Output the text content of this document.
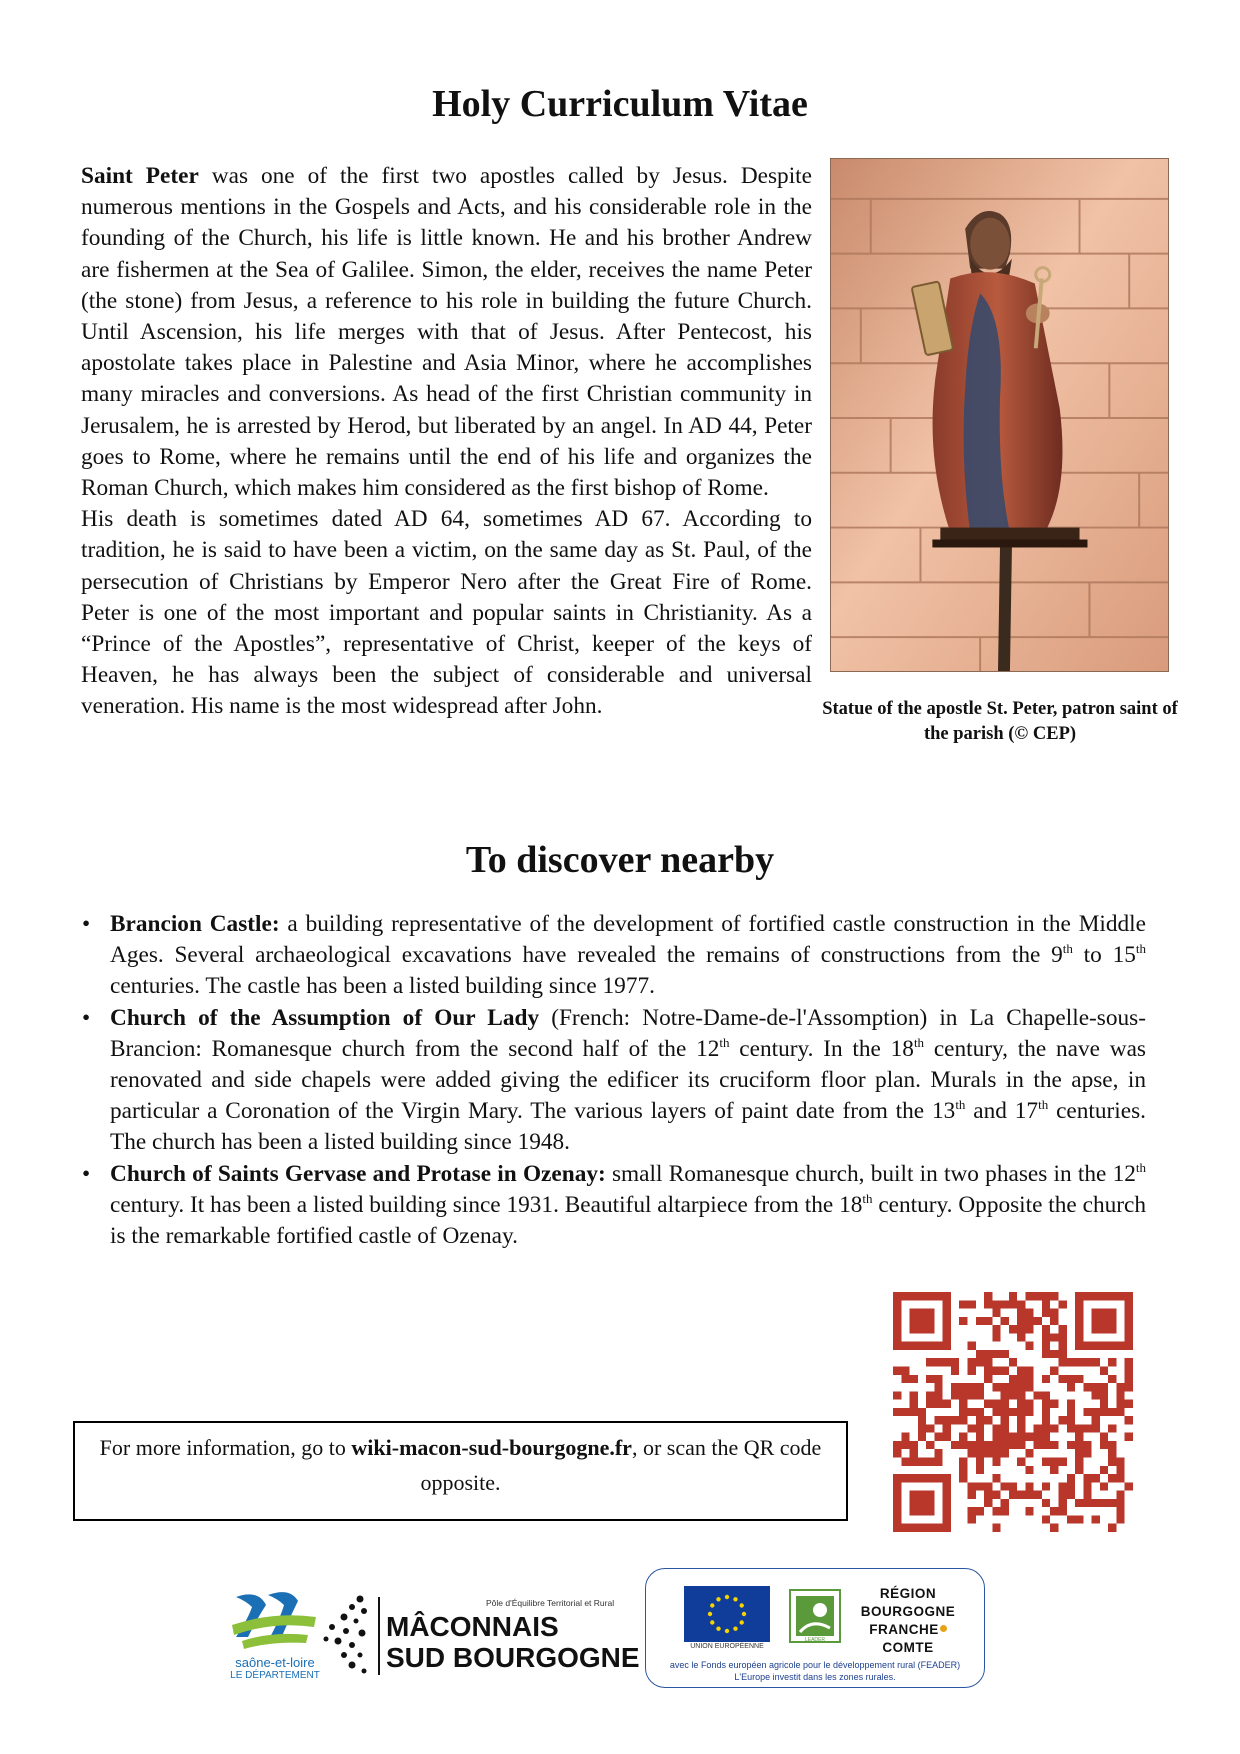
Holy Curriculum Vitae

Saint Peter was one of the first two apostles called by Jesus. Despite numerous mentions in the Gospels and Acts, and his considerable role in the founding of the Church, his life is little known. He and his brother Andrew are fishermen at the Sea of Galilee. Simon, the elder, receives the name Peter (the stone) from Jesus, a reference to his role in building the future Church. Until Ascension, his life merges with that of Jesus. After Pentecost, his apostolate takes place in Palestine and Asia Minor, where he accomplishes many miracles and conversions. As head of the first Christian community in Jerusalem, he is arrested by Herod, but liberated by an angel. In AD 44, Peter goes to Rome, where he remains until the end of his life and organizes the Roman Church, which makes him considered as the first bishop of Rome.

His death is sometimes dated AD 64, sometimes AD 67. According to tradition, he is said to have been a victim, on the same day as St. Paul, of the persecution of Christians by Emperor Nero after the Great Fire of Rome. Peter is one of the most important and popular saints in Christianity. As a “Prince of the Apostles”, representative of Christ, keeper of the keys of Heaven, he has always been the subject of considerable and universal veneration. His name is the most widespread after John.	Statue of the apostle St. Peter, patron saint of the parish (© CEP)
To discover nearby
• Brancion Castle: a building representative of the development of fortified castle construction in the Middle Ages. Several archaeological excavations have revealed the remains of constructions from the 9th to 15th centuries. The castle has been a listed building since 1977.
• Church of the Assumption of Our Lady (French: Notre-Dame-de-l'Assomption) in La Chapelle-sous-Brancion: Romanesque church from the second half of the 12th century. In the 18th century, the nave was renovated and side chapels were added giving the edificer its cruciform floor plan. Murals in the apse, in particular a Coronation of the Virgin Mary. The various layers of paint date from the 13th and 17th centuries. The church has been a listed building since 1948.
• Church of Saints Gervase and Protase in Ozenay: small Romanesque church, built in two phases in the 12th century. It has been a listed building since 1931. Beautiful altarpiece from the 18th century. Opposite the church is the remarkable fortified castle of Ozenay.
For more information, go to wiki-macon-sud-bourgogne.fr, or scan the QR code opposite.
saône-et-loire
LE DÉPARTEMENT
Pôle d'Équilibre Territorial et Rural
MÂCONNAIS
SUD BOURGOGNE	UNION EUROPÉENNE
LEADER
RÉGION
BOURGOGNE
FRANCHE
COMTE
avec le Fonds européen agricole pour le développement rural (FEADER)
L'Europe investit dans les zones rurales.
